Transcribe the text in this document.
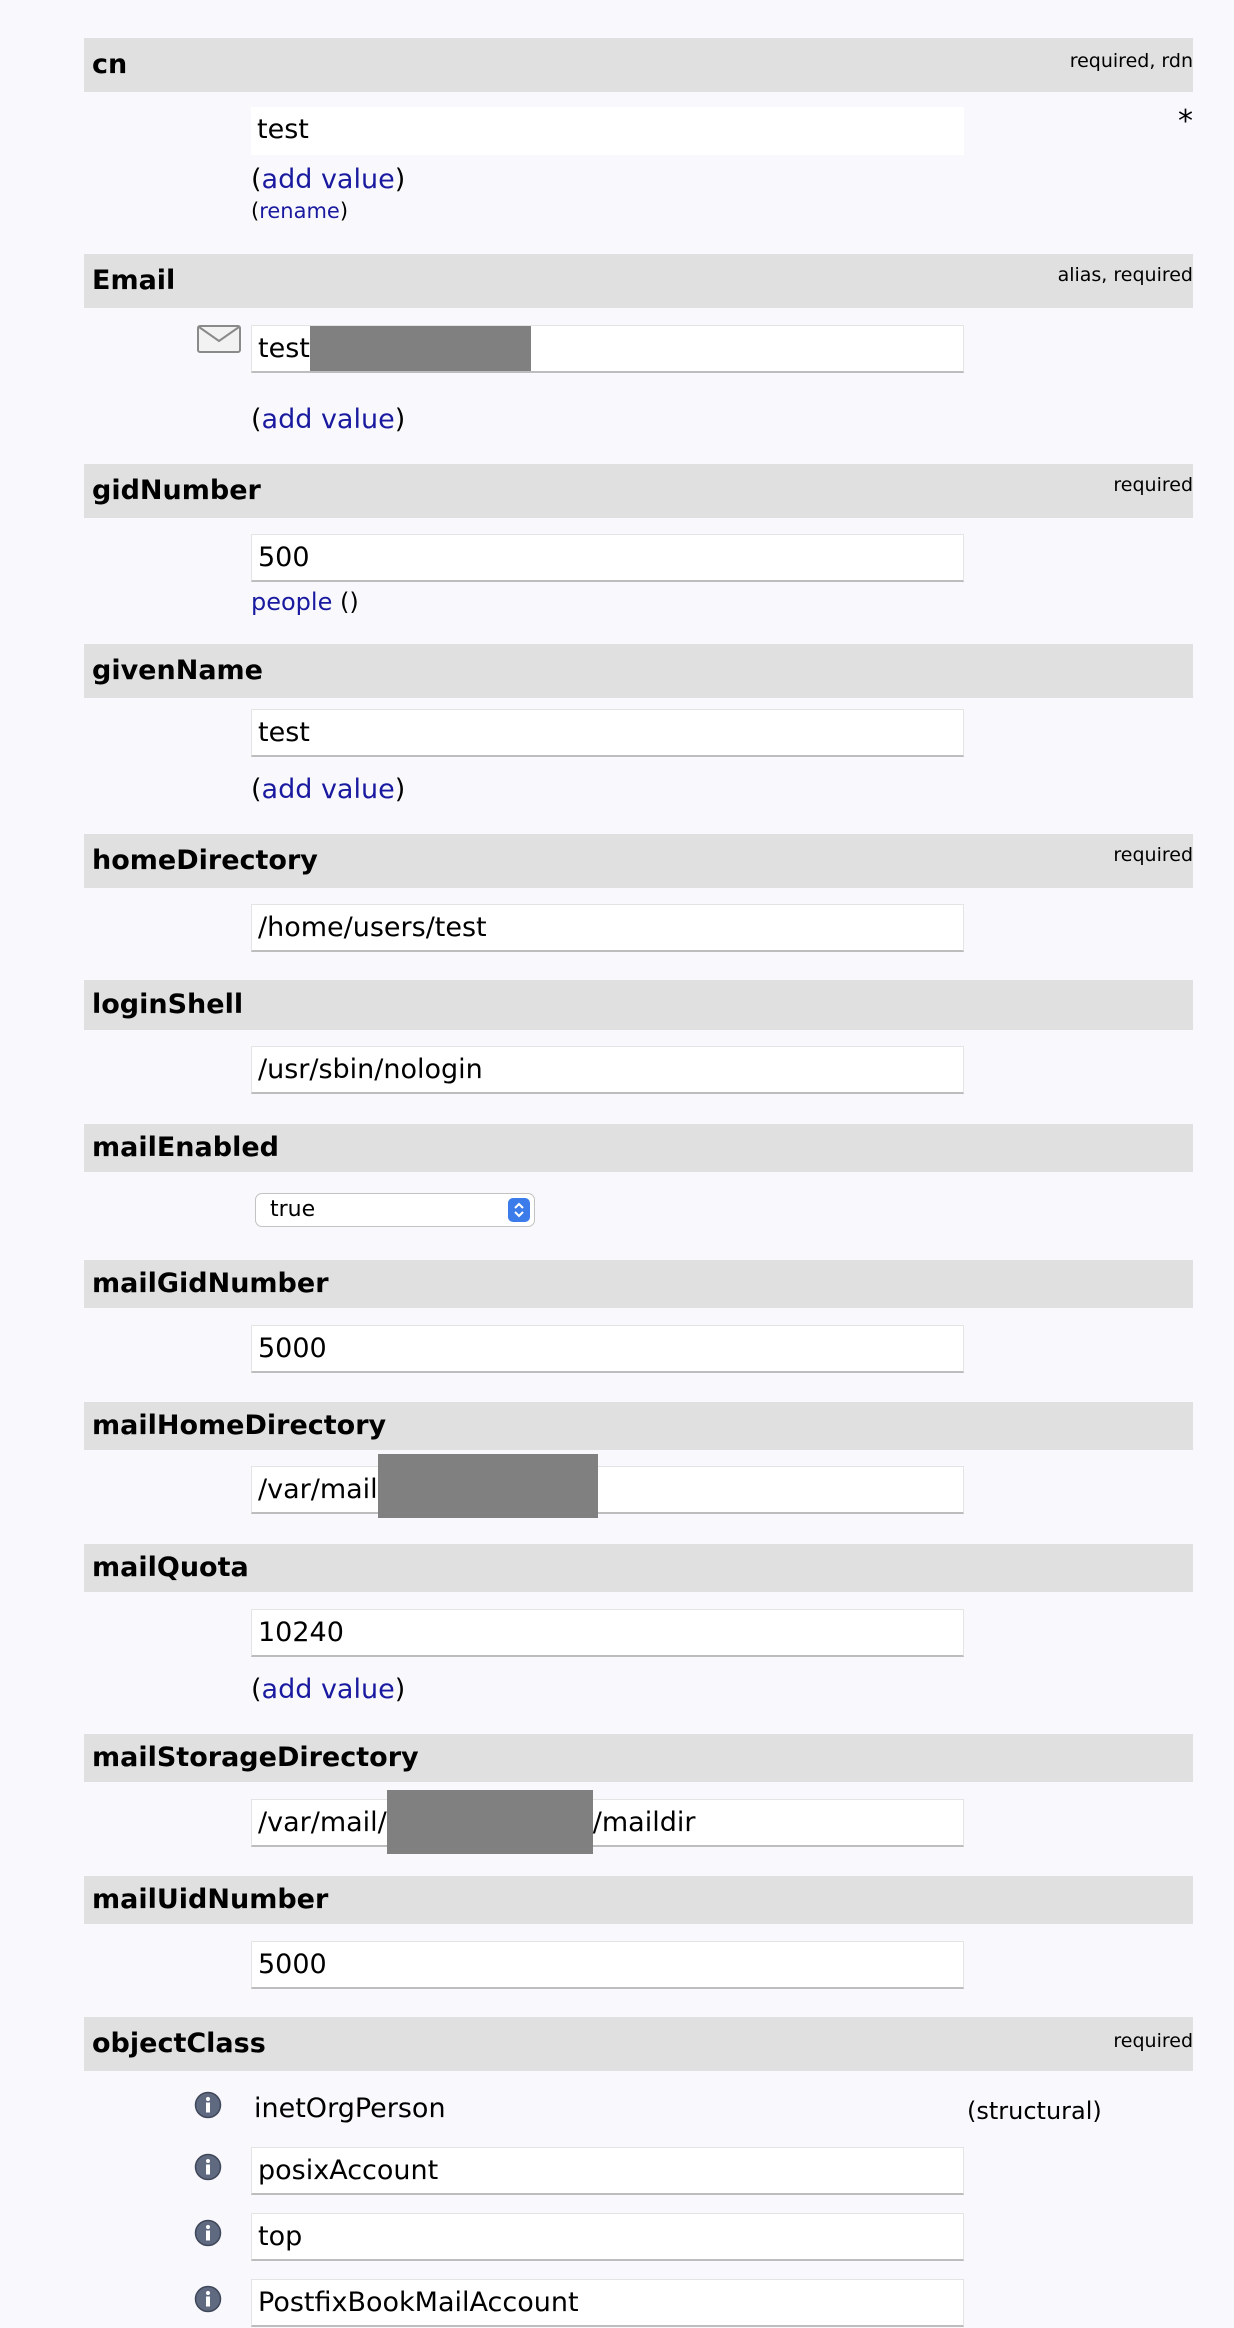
cn	required, rdn
test	*
(add value)
(rename)
Email	alias, required
test
(add value)
gidNumber	required
500
people ()
givenName
test
(add value)
homeDirectory	required
/home/users/test
loginShell
/usr/sbin/nologin
mailEnabled
true
mailGidNumber
5000
mailHomeDirectory
/var/mail
mailQuota
10240
(add value)
mailStorageDirectory
/var/mail/	/maildir
mailUidNumber
5000
objectClass	required
inetOrgPerson	(structural)
posixAccount
top
PostfixBookMailAccount
